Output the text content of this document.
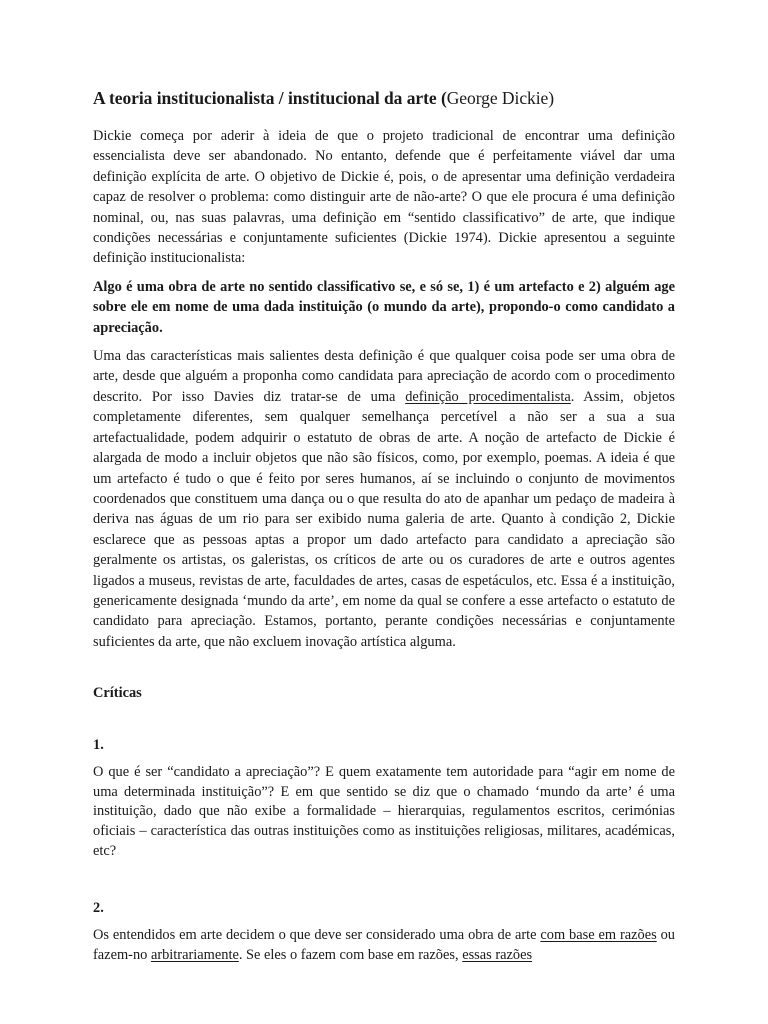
A teoria institucionalista / institucional da arte (George Dickie)

Dickie começa por aderir à ideia de que o projeto tradicional de encontrar uma definição essencialista deve ser abandonado. No entanto, defende que é perfeitamente viável dar uma definição explícita de arte. O objetivo de Dickie é, pois, o de apresentar uma definição verdadeira capaz de resolver o problema: como distinguir arte de não-arte? O que ele procura é uma definição nominal, ou, nas suas palavras, uma definição em “sentido classificativo” de arte, que indique condições necessárias e conjuntamente suficientes (Dickie 1974). Dickie apresentou a seguinte definição institucionalista:

Algo é uma obra de arte no sentido classificativo se, e só se, 1) é um artefacto e 2) alguém age sobre ele em nome de uma dada instituição (o mundo da arte), propondo-o como candidato a apreciação.

Uma das características mais salientes desta definição é que qualquer coisa pode ser uma obra de arte, desde que alguém a proponha como candidata para apreciação de acordo com o procedimento descrito. Por isso Davies diz tratar-se de uma definição procedimentalista. Assim, objetos completamente diferentes, sem qualquer semelhança percetível a não ser a sua a sua artefactualidade, podem adquirir o estatuto de obras de arte. A noção de artefacto de Dickie é alargada de modo a incluir objetos que não são físicos, como, por exemplo, poemas. A ideia é que um artefacto é tudo o que é feito por seres humanos, aí se incluindo o conjunto de movimentos coordenados que constituem uma dança ou o que resulta do ato de apanhar um pedaço de madeira à deriva nas águas de um rio para ser exibido numa galeria de arte. Quanto à condição 2, Dickie esclarece que as pessoas aptas a propor um dado artefacto para candidato a apreciação são geralmente os artistas, os galeristas, os críticos de arte ou os curadores de arte e outros agentes ligados a museus, revistas de arte, faculdades de artes, casas de espetáculos, etc. Essa é a instituição, genericamente designada ‘mundo da arte’, em nome da qual se confere a esse artefacto o estatuto de candidato para apreciação. Estamos, portanto, perante condições necessárias e conjuntamente suficientes da arte, que não excluem inovação artística alguma.

Críticas

1.

O que é ser “candidato a apreciação”? E quem exatamente tem autoridade para “agir em nome de uma determinada instituição”? E em que sentido se diz que o chamado ‘mundo da arte’ é uma instituição, dado que não exibe a formalidade – hierarquias, regulamentos escritos, cerimónias oficiais – característica das outras instituições como as instituições religiosas, militares, académicas, etc?

2.

Os entendidos em arte decidem o que deve ser considerado uma obra de arte com base em razões ou fazem-no arbitrariamente. Se eles o fazem com base em razões, essas razões
